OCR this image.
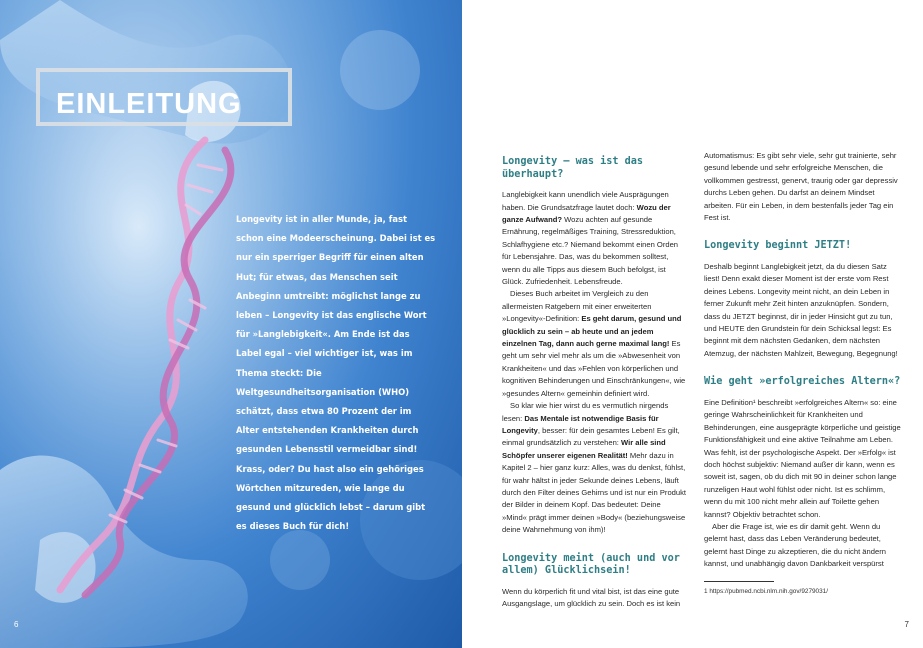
EINLEITUNG
Longevity ist in aller Munde, ja, fast schon eine Modeerscheinung. Dabei ist es nur ein sperriger Begriff für einen alten Hut; für etwas, das Menschen seit Anbeginn umtreibt: möglichst lange zu leben – Longevity ist das englische Wort für »Langlebigkeit«. Am Ende ist das Label egal – viel wichtiger ist, was im Thema steckt: Die Weltgesundheitsorganisation (WHO) schätzt, dass etwa 80 Prozent der im Alter entstehenden Krankheiten durch gesunden Lebensstil vermeidbar sind! Krass, oder? Du hast also ein gehöriges Wörtchen mitzureden, wie lange du gesund und glücklich lebst – darum gibt es dieses Buch für dich!
6
Longevity – was ist das überhaupt?

Langlebigkeit kann unendlich viele Ausprägungen haben. Die Grundsatzfrage lautet doch: Wozu der ganze Aufwand? Wozu achten auf gesunde Ernährung, regelmäßiges Training, Stressreduktion, Schlafhygiene etc.? Niemand bekommt einen Orden für Lebensjahre. Das, was du bekommen solltest, wenn du alle Tipps aus diesem Buch befolgst, ist Glück. Zufriedenheit. Lebensfreude.

Dieses Buch arbeitet im Vergleich zu den allermeisten Ratgebern mit einer erweiterten »Longevity«-Definition: Es geht darum, gesund und glücklich zu sein – ab heute und an jedem einzelnen Tag, dann auch gerne maximal lang! Es geht um sehr viel mehr als um die »Abwesenheit von Krankheiten« und das »Fehlen von körperlichen und kognitiven Behinderungen und Einschränkungen«, wie »gesundes Altern« gemeinhin definiert wird.

So klar wie hier wirst du es vermutlich nirgends lesen: Das Mentale ist notwendige Basis für Longevity, besser: für dein gesamtes Leben! Es gilt, einmal grundsätzlich zu verstehen: Wir alle sind Schöpfer unserer eigenen Realität! Mehr dazu in Kapitel 2 – hier ganz kurz: Alles, was du denkst, fühlst, für wahr hältst in jeder Sekunde deines Lebens, läuft durch den Filter deines Gehirns und ist nur ein Produkt der Bilder in deinem Kopf. Das bedeutet: Deine »Mind« prägt immer deinen »Body« (beziehungsweise deine Wahrnehmung von ihm)!

Longevity meint (auch und vor allem) Glücklichsein!

Wenn du körperlich fit und vital bist, ist das eine gute Ausgangslage, um glücklich zu sein. Doch es ist kein

Automatismus: Es gibt sehr viele, sehr gut trainierte, sehr gesund lebende und sehr erfolgreiche Menschen, die vollkommen gestresst, genervt, traurig oder gar depressiv durchs Leben gehen. Du darfst an deinem Mindset arbeiten. Für ein Leben, in dem bestenfalls jeder Tag ein Fest ist.

Longevity beginnt JETZT!

Deshalb beginnt Langlebigkeit jetzt, da du diesen Satz liest! Denn exakt dieser Moment ist der erste vom Rest deines Lebens. Longevity meint nicht, an dein Leben in ferner Zukunft mehr Zeit hinten anzuknüpfen. Sondern, dass du JETZT beginnst, dir in jeder Hinsicht gut zu tun, und HEUTE den Grundstein für dein Schicksal legst: Es beginnt mit dem nächsten Gedanken, dem nächsten Atemzug, der nächsten Mahlzeit, Bewegung, Begegnung!

Wie geht »erfolgreiches Altern«?

Eine Definition¹ beschreibt »erfolgreiches Altern« so: eine geringe Wahrscheinlichkeit für Krankheiten und Behinderungen, eine ausgeprägte körperliche und geistige Funktionsfähigkeit und eine aktive Teilnahme am Leben. Was fehlt, ist der psychologische Aspekt. Der »Erfolg« ist doch höchst subjektiv: Niemand außer dir kann, wenn es soweit ist, sagen, ob du dich mit 90 in deiner schon lange runzeligen Haut wohl fühlst oder nicht. Ist es schlimm, wenn du mit 100 nicht mehr allein auf Toilette gehen kannst? Objektiv betrachtet schon.

Aber die Frage ist, wie es dir damit geht. Wenn du gelernt hast, dass das Leben Veränderung bedeutet, gelernt hast Dinge zu akzeptieren, die du nicht ändern kannst, und unabhängig davon Dankbarkeit verspürst

1 https://pubmed.ncbi.nlm.nih.gov/9279031/
7
